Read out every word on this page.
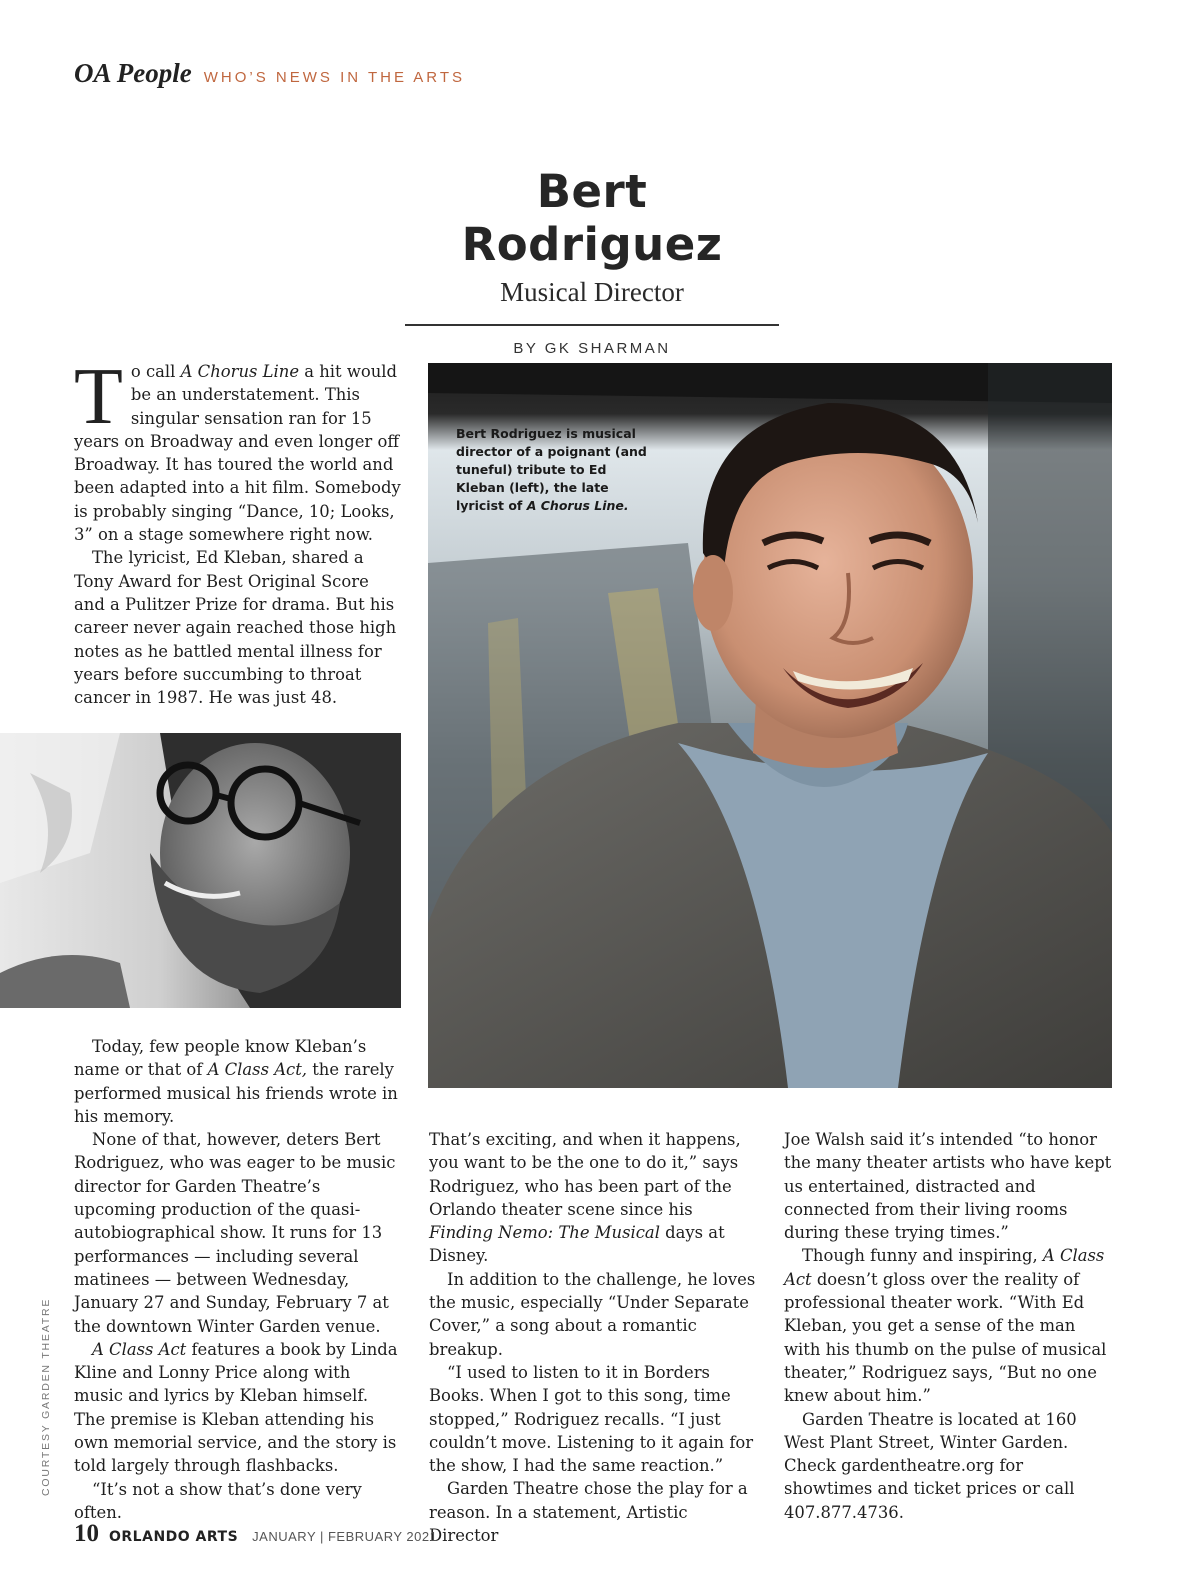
OA People WHO’S NEWS IN THE ARTS
Bert Rodriguez
Musical Director
BY GK SHARMAN

To call A Chorus Line a hit would be an understatement. This singular sensation ran for 15 years on Broadway and even longer off Broadway. It has toured the world and been adapted into a hit film. Somebody is probably singing “Dance, 10; Looks, 3” on a stage somewhere right now.

The lyricist, Ed Kleban, shared a Tony Award for Best Original Score and a Pulitzer Prize for drama. But his career never again reached those high notes as he battled mental illness for years before succumbing to throat cancer in 1987. He was just 48.

Today, few people know Kleban’s name or that of A Class Act, the rarely performed musical his friends wrote in his memory.

None of that, however, deters Bert Rodriguez, who was eager to be music director for Garden Theatre’s upcoming production of the quasi-autobiographical show. It runs for 13 performances — including several matinees — between Wednesday, January 27 and Sunday, February 7 at the downtown Winter Garden venue.

A Class Act features a book by Linda Kline and Lonny Price along with music and lyrics by Kleban himself. The premise is Kleban attending his own memorial service, and the story is told largely through flashbacks.

“It’s not a show that’s done very often.

Bert Rodriguez is musical director of a poignant (and tuneful) tribute to Ed Kleban (left), the late lyricist of A Chorus Line.

That’s exciting, and when it happens, you want to be the one to do it,” says Rodriguez, who has been part of the Orlando theater scene since his Finding Nemo: The Musical days at Disney.

In addition to the challenge, he loves the music, especially “Under Separate Cover,” a song about a romantic breakup.

“I used to listen to it in Borders Books. When I got to this song, time stopped,” Rodriguez recalls. “I just couldn’t move. Listening to it again for the show, I had the same reaction.”

Garden Theatre chose the play for a reason. In a statement, Artistic Director

Joe Walsh said it’s intended “to honor the many theater artists who have kept us entertained, distracted and connected from their living rooms during these trying times.”

Though funny and inspiring, A Class Act doesn’t gloss over the reality of professional theater work. “With Ed Kleban, you get a sense of the man with his thumb on the pulse of musical theater,” Rodriguez says, “But no one knew about him.”

Garden Theatre is located at 160 West Plant Street, Winter Garden. Check gardentheatre.org for showtimes and ticket prices or call 407.877.4736.

COURTESY GARDEN THEATRE
10 ORLANDO ARTS JANUARY | FEBRUARY 2021
